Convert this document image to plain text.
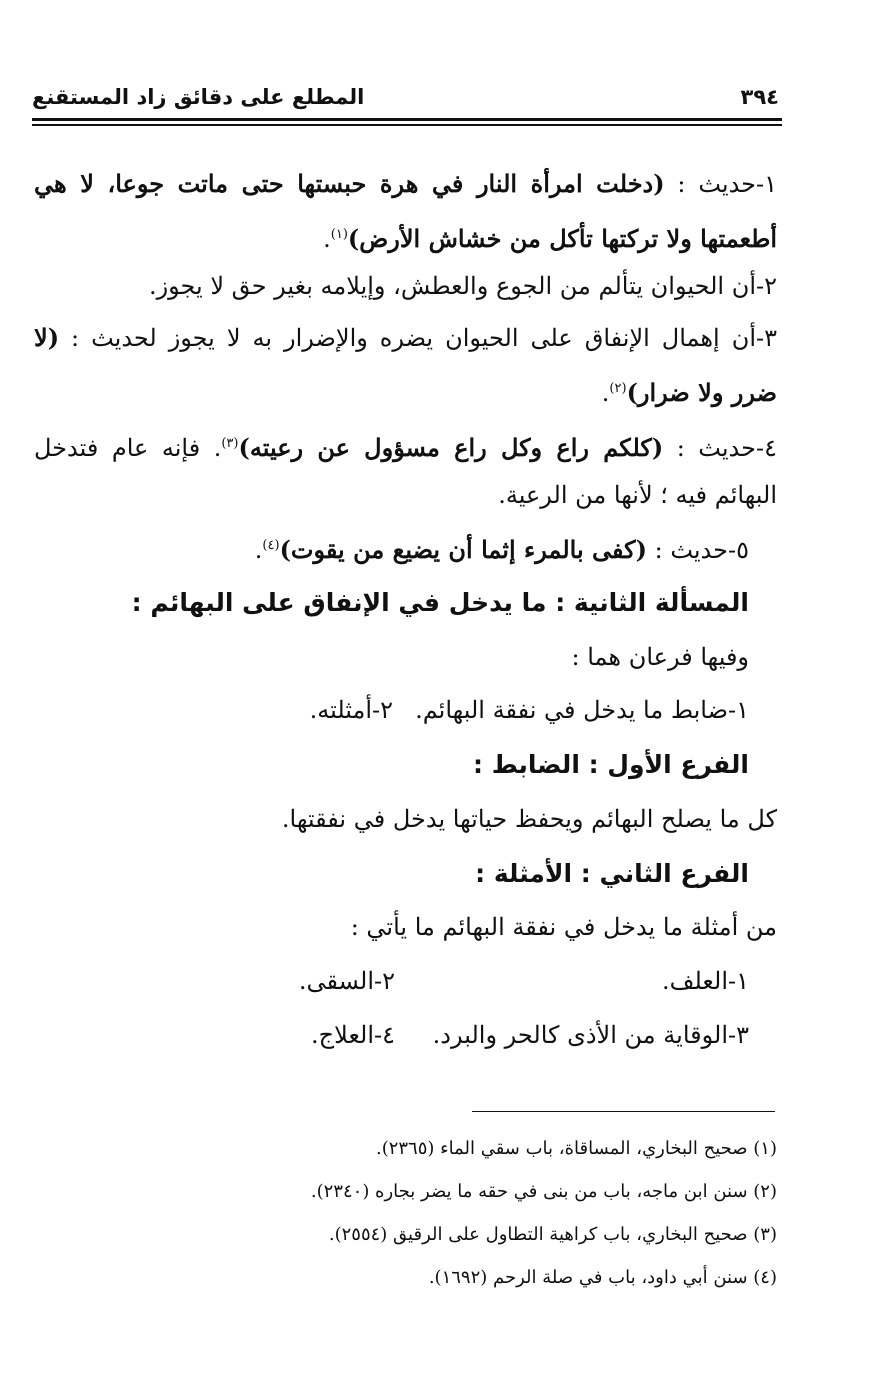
المطلع على دقائق زاد المستقنع	٣٩٤
١-حديث : (دخلت امرأة النار في هرة حبستها حتى ماتت جوعا، لا هي
أطعمتها ولا تركتها تأكل من خشاش الأرض)$^{(١)}$.
٢-أن الحيوان يتألم من الجوع والعطش، وإيلامه بغير حق لا يجوز.
٣-أن إهمال الإنفاق على الحيوان يضره والإضرار به لا يجوز لحديث : (لا
ضرر ولا ضرار)$^{(٢)}$.
٤-حديث : (كلكم راع وكل راع مسؤول عن رعيته)$^{(٣)}$. فإنه عام فتدخل
البهائم فيه ؛ لأنها من الرعية.
٥-حديث : (كفى بالمرء إثما أن يضيع من يقوت)$^{(٤)}$.
المسألة الثانية : ما يدخل في الإنفاق على البهائم :
وفيها فرعان هما :
١-ضابط ما يدخل في نفقة البهائم.٢-أمثلته.
الفرع الأول : الضابط :
كل ما يصلح البهائم ويحفظ حياتها يدخل في نفقتها.
الفرع الثاني : الأمثلة :
من أمثلة ما يدخل في نفقة البهائم ما يأتي :
١-العلف.
٢-السقى.
٣-الوقاية من الأذى كالحر والبرد.
٤-العلاج.
(١) صحيح البخاري، المساقاة، باب سقي الماء (٢٣٦٥).
(٢) سنن ابن ماجه، باب من بنى في حقه ما يضر بجاره (٢٣٤٠).
(٣) صحيح البخاري، باب كراهية التطاول على الرقيق (٢٥٥٤).
(٤) سنن أبي داود، باب في صلة الرحم (١٦٩٢).
